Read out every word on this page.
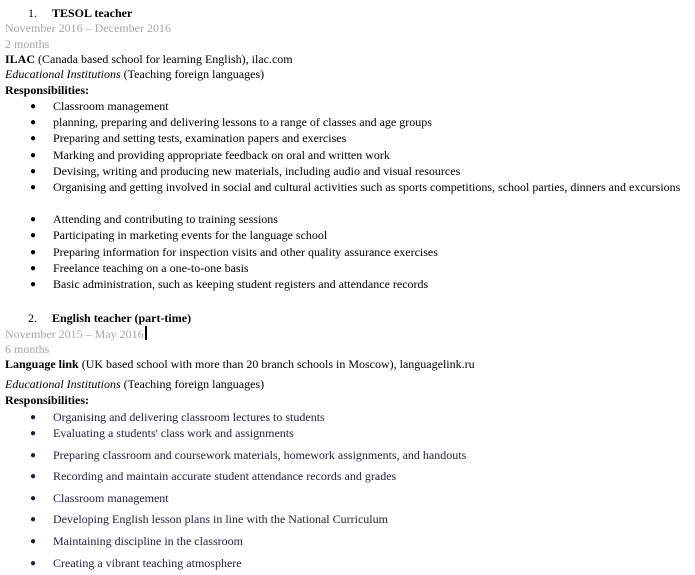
1. TESOL teacher
November 2016 – December 2016
2 months
ILAC (Canada based school for learning English), ilac.com
Educational Institutions (Teaching foreign languages)
Responsibilities:
● Classroom management
● planning, preparing and delivering lessons to a range of classes and age groups
● Preparing and setting tests, examination papers and exercises
● Marking and providing appropriate feedback on oral and written work
● Devising, writing and producing new materials, including audio and visual resources
● Organising and getting involved in social and cultural activities such as sports competitions, school parties, dinners and excursions
● Attending and contributing to training sessions
● Participating in marketing events for the language school
● Preparing information for inspection visits and other quality assurance exercises
● Freelance teaching on a one-to-one basis
● Basic administration, such as keeping student registers and attendance records
2. English teacher (part-time)
November 2015 – May 2016
6 months
Language link (UK based school with more than 20 branch schools in Moscow), languagelink.ru
Educational Institutions (Teaching foreign languages)
Responsibilities:
● Organising and delivering classroom lectures to students
● Evaluating a students' class work and assignments
● Preparing classroom and coursework materials, homework assignments, and handouts
● Recording and maintain accurate student attendance records and grades
● Classroom management
● Developing English lesson plans in line with the National Curriculum
● Maintaining discipline in the classroom
● Creating a vibrant teaching atmosphere
